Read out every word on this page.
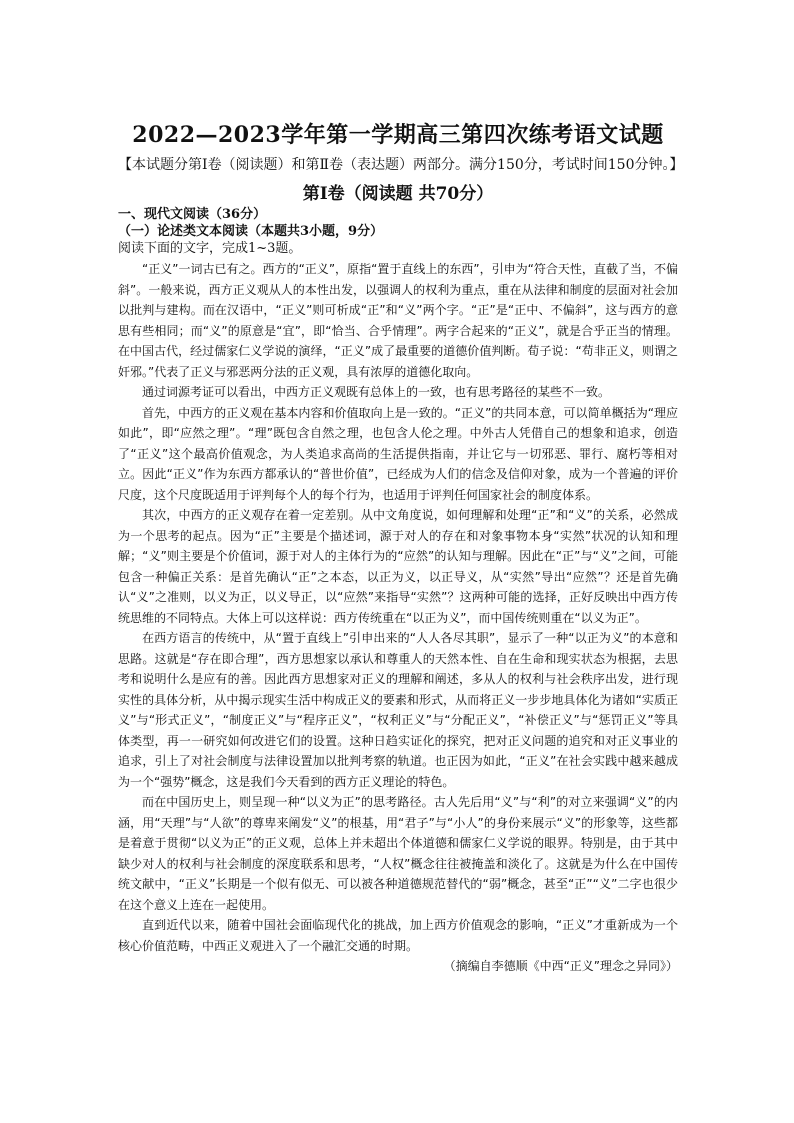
2022—2023学年第一学期高三第四次练考语文试题

【本试题分第Ⅰ卷（阅读题）和第Ⅱ卷（表达题）两部分。满分150分，考试时间150分钟。】

第Ⅰ卷（阅读题 共70分）

一、现代文阅读（36分）

（一）论述类文本阅读（本题共3小题，9分）

阅读下面的文字，完成1~3题。

“正义”一词古已有之。西方的“正义”，原指“置于直线上的东西”，引申为“符合天性，直截了当，不偏斜”。一般来说，西方正义观从人的本性出发，以强调人的权利为重点，重在从法律和制度的层面对社会加以批判与建构。而在汉语中，“正义”则可析成“正”和“义”两个字。“正”是“正中、不偏斜”，这与西方的意思有些相同；而“义”的原意是“宜”，即“恰当、合乎情理”。两字合起来的“正义”，就是合乎正当的情理。在中国古代，经过儒家仁义学说的演绎，“正义”成了最重要的道德价值判断。荀子说：“苟非正义，则谓之奸邪。”代表了正义与邪恶两分法的正义观，具有浓厚的道德化取向。

通过词源考证可以看出，中西方正义观既有总体上的一致，也有思考路径的某些不一致。

首先，中西方的正义观在基本内容和价值取向上是一致的。“正义”的共同本意，可以简单概括为“理应如此”，即“应然之理”。“理”既包含自然之理，也包含人伦之理。中外古人凭借自己的想象和追求，创造了“正义”这个最高价值观念，为人类追求高尚的生活提供指南，并让它与一切邪恶、罪行、腐朽等相对立。因此“正义”作为东西方都承认的“普世价值”，已经成为人们的信念及信仰对象，成为一个普遍的评价尺度，这个尺度既适用于评判每个人的每个行为，也适用于评判任何国家社会的制度体系。

其次，中西方的正义观存在着一定差别。从中文角度说，如何理解和处理“正”和“义”的关系，必然成为一个思考的起点。因为“正”主要是个描述词，源于对人的存在和对象事物本身“实然”状况的认知和理解；“义”则主要是个价值词，源于对人的主体行为的“应然”的认知与理解。因此在“正”与“义”之间，可能包含一种偏正关系：是首先确认“正”之本态，以正为义，以正导义，从“实然”导出“应然”？还是首先确认“义”之准则，以义为正，以义导正，以“应然”来指导“实然”？这两种可能的选择，正好反映出中西方传统思维的不同特点。大体上可以这样说：西方传统重在“以正为义”，而中国传统则重在“以义为正”。

在西方语言的传统中，从“置于直线上”引申出来的“人人各尽其职”，显示了一种“以正为义”的本意和思路。这就是“存在即合理”，西方思想家以承认和尊重人的天然本性、自在生命和现实状态为根据，去思考和说明什么是应有的善。因此西方思想家对正义的理解和阐述，多从人的权利与社会秩序出发，进行现实性的具体分析，从中揭示现实生活中构成正义的要素和形式，从而将正义一步步地具体化为诸如“实质正义”与“形式正义”，“制度正义”与“程序正义”，“权利正义”与“分配正义”，“补偿正义”与“惩罚正义”等具体类型，再一一研究如何改进它们的设置。这种日趋实证化的探究，把对正义问题的追究和对正义事业的追求，引上了对社会制度与法律设置加以批判考察的轨道。也正因为如此，“正义”在社会实践中越来越成为一个“强势”概念，这是我们今天看到的西方正义理论的特色。

而在中国历史上，则呈现一种“以义为正”的思考路径。古人先后用“义”与“利”的对立来强调“义”的内涵，用“天理”与“人欲”的尊卑来阐发“义”的根基，用“君子”与“小人”的身份来展示“义”的形象等，这些都是着意于贯彻“以义为正”的正义观，总体上并未超出个体道德和儒家仁义学说的眼界。特别是，由于其中缺少对人的权利与社会制度的深度联系和思考，“人权”概念往往被掩盖和淡化了。这就是为什么在中国传统文献中，“正义”长期是一个似有似无、可以被各种道德规范替代的“弱”概念，甚至“正”“义”二字也很少在这个意义上连在一起使用。

直到近代以来，随着中国社会面临现代化的挑战，加上西方价值观念的影响，“正义”才重新成为一个核心价值范畴，中西正义观进入了一个融汇交通的时期。

（摘编自李德顺《中西“正义”理念之异同》）
